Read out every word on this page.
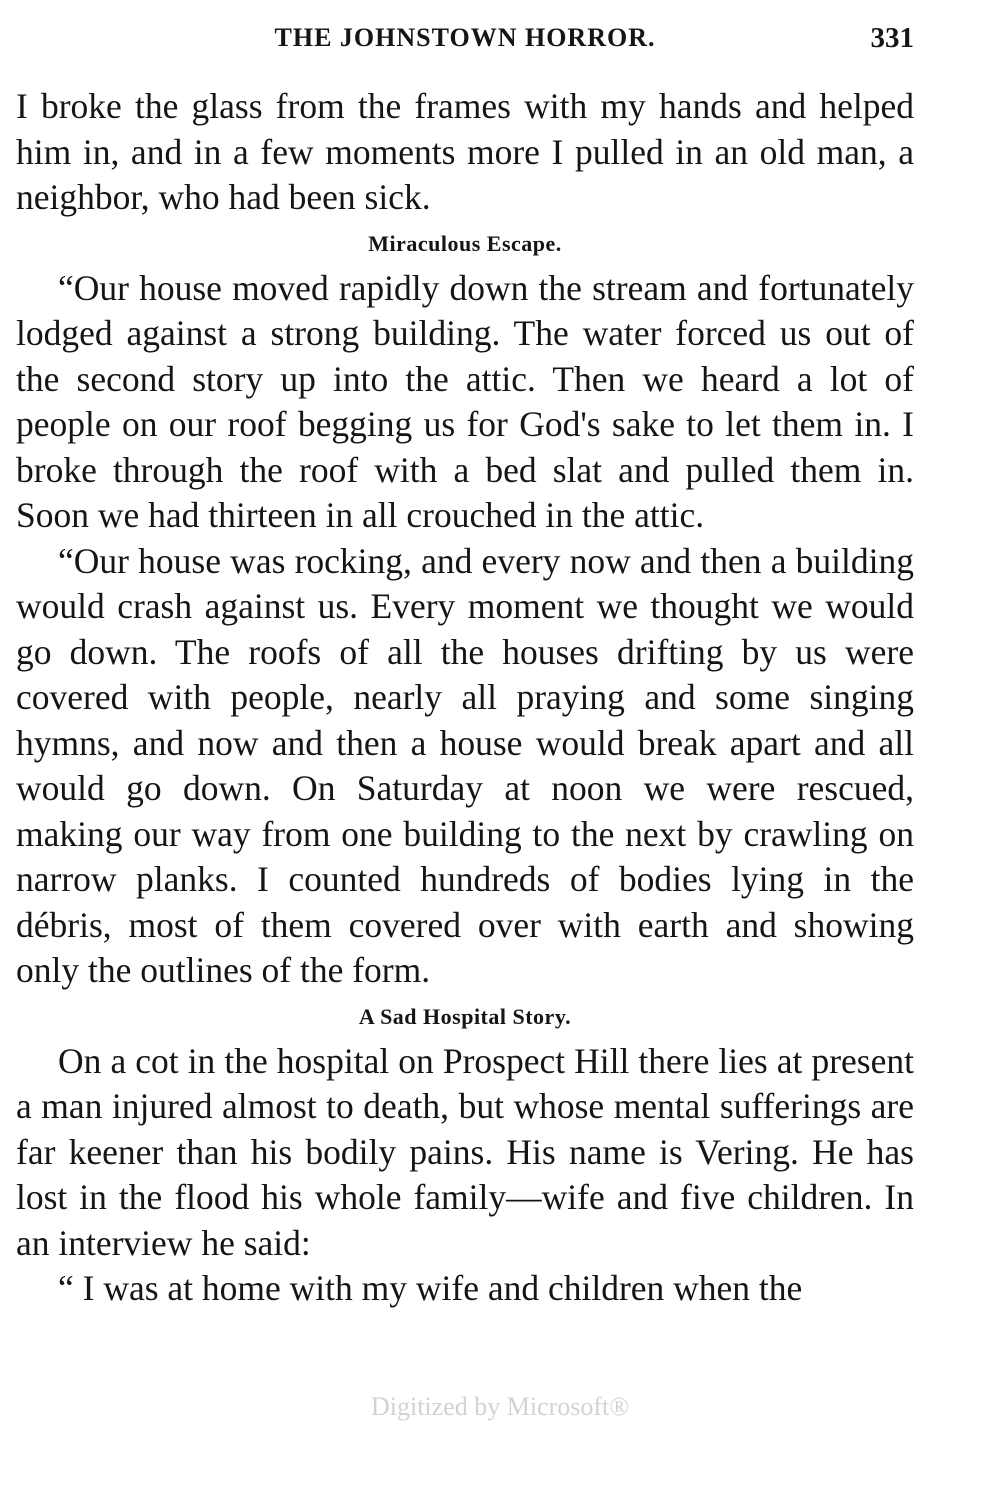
THE JOHNSTOWN HORROR.	331

I broke the glass from the frames with my hands and helped him in, and in a few moments more I pulled in an old man, a neighbor, who had been sick.

Miraculous Escape.

“Our house moved rapidly down the stream and fortunately lodged against a strong building. The water forced us out of the second story up into the attic. Then we heard a lot of people on our roof begging us for God's sake to let them in. I broke through the roof with a bed slat and pulled them in. Soon we had thirteen in all crouched in the attic.

“Our house was rocking, and every now and then a building would crash against us. Every moment we thought we would go down. The roofs of all the houses drifting by us were covered with people, nearly all praying and some singing hymns, and now and then a house would break apart and all would go down. On Saturday at noon we were rescued, making our way from one building to the next by crawling on narrow planks. I counted hundreds of bodies lying in the débris, most of them covered over with earth and showing only the outlines of the form.

A Sad Hospital Story.

On a cot in the hospital on Prospect Hill there lies at present a man injured almost to death, but whose mental sufferings are far keener than his bodily pains. His name is Vering. He has lost in the flood his whole family—wife and five children. In an interview he said:

“ I was at home with my wife and children when the

Digitized by Microsoft®
